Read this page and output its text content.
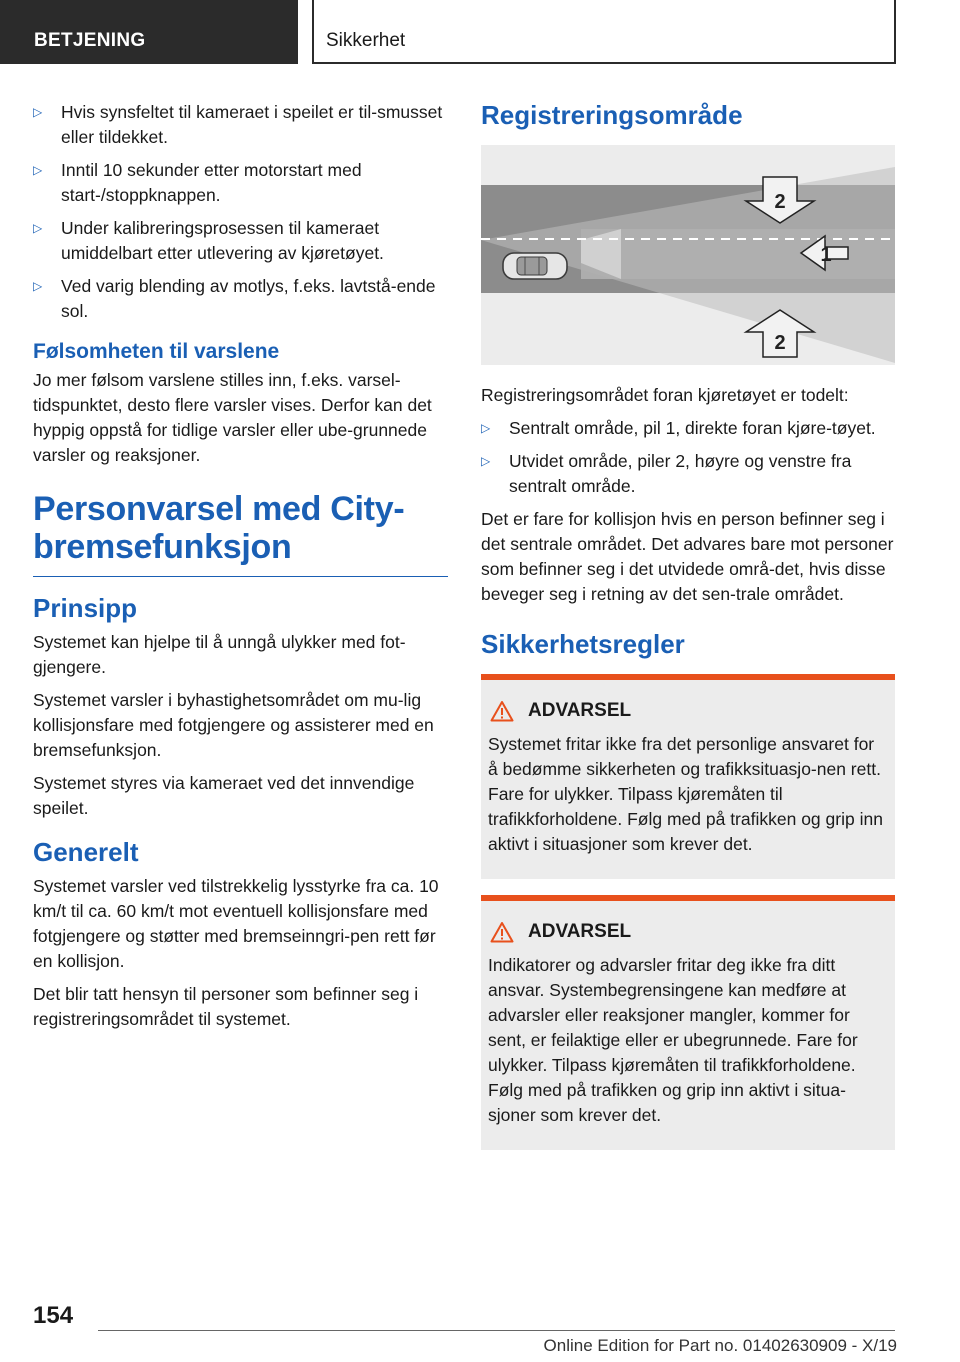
BETJENING	Sikkerhet
▷ Hvis synsfeltet til kameraet i speilet er til-smusset eller tildekket.
▷ Inntil 10 sekunder etter motorstart med start-/stoppknappen.
▷ Under kalibreringsprosessen til kameraet umiddelbart etter utlevering av kjøretøyet.
▷ Ved varig blending av motlys, f.eks. lavtstå-ende sol.
Følsomheten til varslene

Jo mer følsom varslene stilles inn, f.eks. varsel-tidspunktet, desto flere varsler vises. Derfor kan det hyppig oppstå for tidlige varsler eller ube-grunnede varsler og reaksjoner.

Personvarsel med City-bremsefunksjon
Prinsipp

Systemet kan hjelpe til å unngå ulykker med fot-gjengere.

Systemet varsler i byhastighetsområdet om mu-lig kollisjonsfare med fotgjengere og assisterer med en bremsefunksjon.

Systemet styres via kameraet ved det innvendige speilet.

Generelt

Systemet varsler ved tilstrekkelig lysstyrke fra ca. 10 km/t til ca. 60 km/t mot eventuell kollisjonsfare med fotgjengere og støtter med bremseinngri-pen rett før en kollisjon.

Det blir tatt hensyn til personer som befinner seg i registreringsområdet til systemet.

Registreringsområde
2
1
2

Registreringsområdet foran kjøretøyet er todelt:

▷ Sentralt område, pil 1, direkte foran kjøre-tøyet.
▷ Utvidet område, piler 2, høyre og venstre fra sentralt område.

Det er fare for kollisjon hvis en person befinner seg i det sentrale området. Det advares bare mot personer som befinner seg i det utvidede områ-det, hvis disse beveger seg i retning av det sen-trale området.

Sikkerhetsregler
ADVARSEL

Systemet fritar ikke fra det personlige ansvaret for å bedømme sikkerheten og trafikksituasjo-nen rett. Fare for ulykker. Tilpass kjøremåten til trafikkforholdene. Følg med på trafikken og grip inn aktivt i situasjoner som krever det.

ADVARSEL

Indikatorer og advarsler fritar deg ikke fra ditt ansvar. Systembegrensingene kan medføre at advarsler eller reaksjoner mangler, kommer for sent, er feilaktige eller er ubegrunnede. Fare for ulykker. Tilpass kjøremåten til trafikkforholdene. Følg med på trafikken og grip inn aktivt i situa-sjoner som krever det.

154
Online Edition for Part no. 01402630909 - X/19
